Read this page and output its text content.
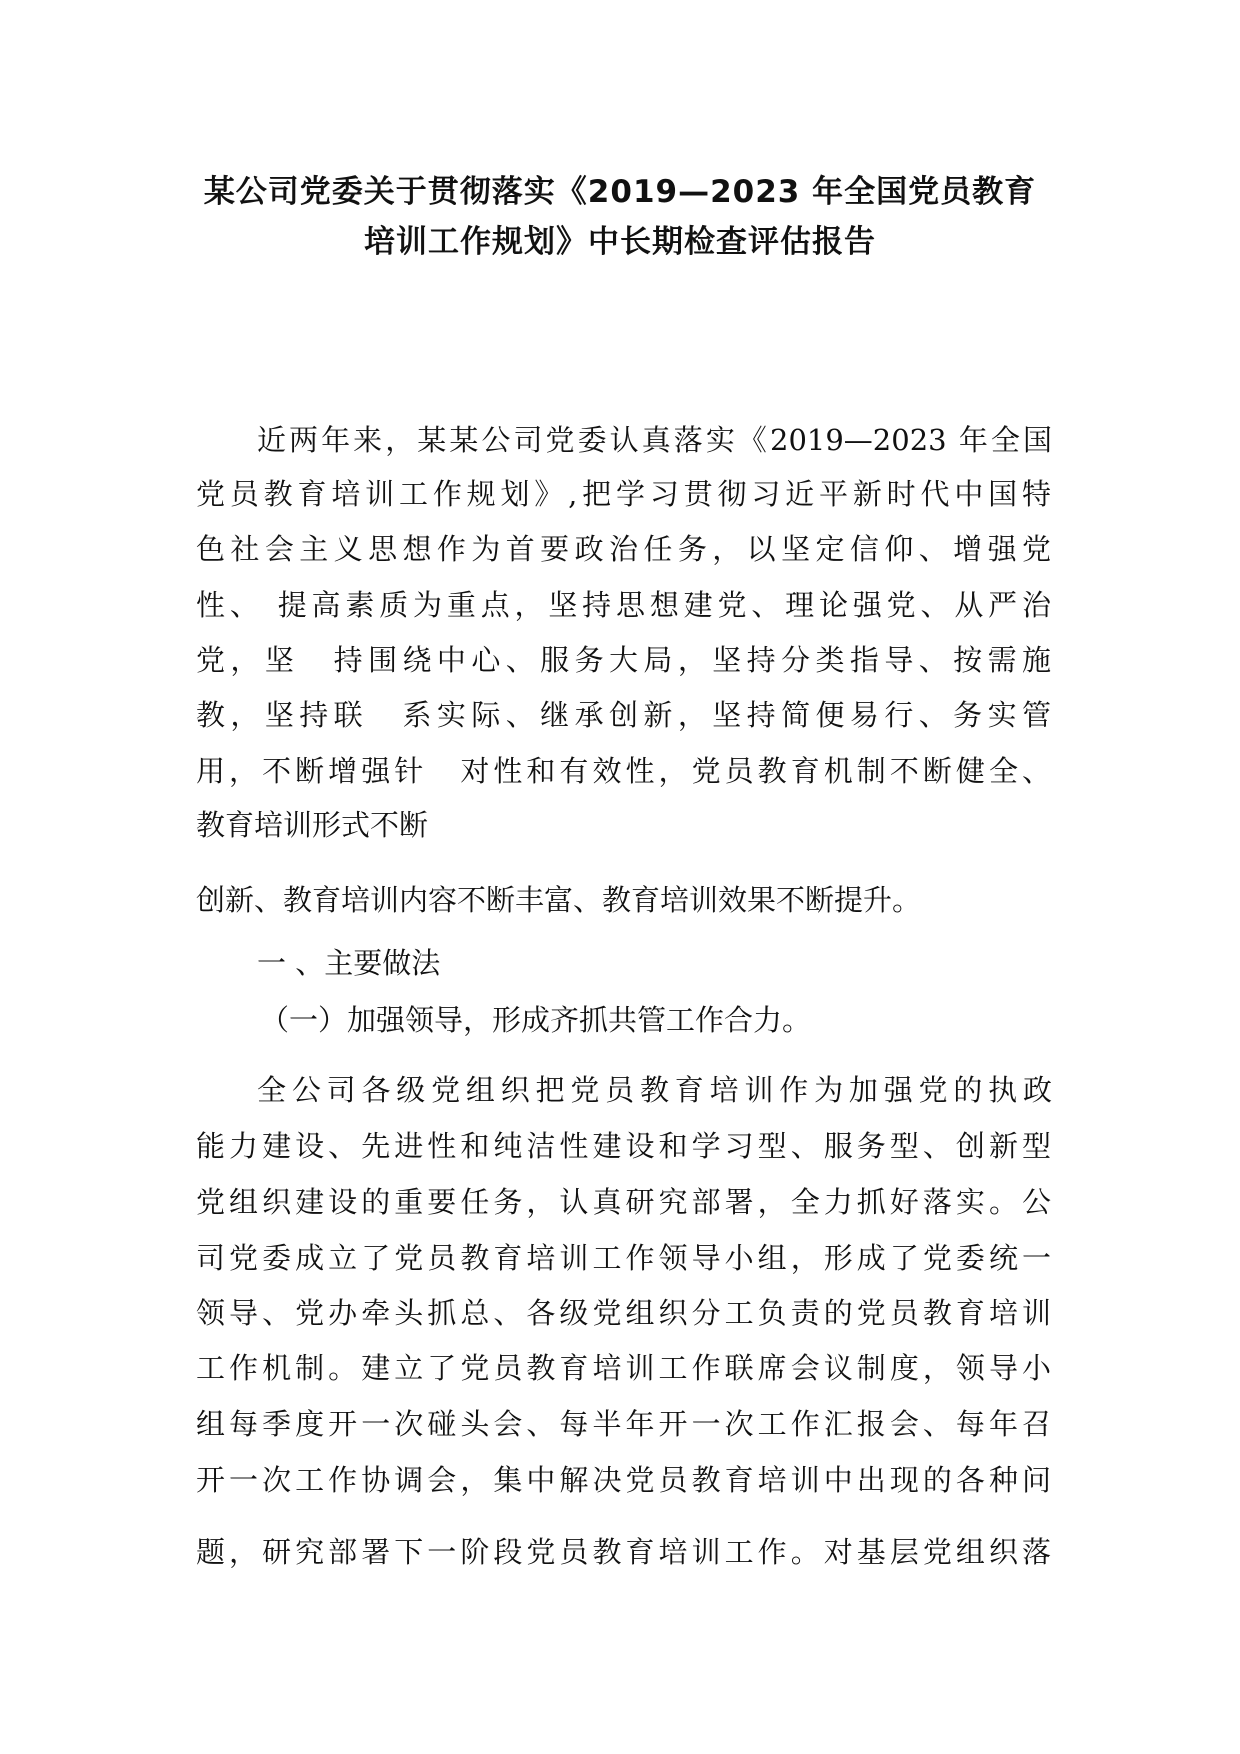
某公司党委关于贯彻落实《2019—2023 年全国党员教育
培训工作规划》中长期检查评估报告
近两年来，某某公司党委认真落实《2019—2023 年全国
党员教育培训工作规划》,把学习贯彻习近平新时代中国特
色社会主义思想作为首要政治任务，以坚定信仰、增强党
性、 提高素质为重点，坚持思想建党、理论强党、从严治
党，坚　持围绕中心、服务大局，坚持分类指导、按需施
教，坚持联　系实际、继承创新，坚持简便易行、务实管
用，不断增强针　对性和有效性，党员教育机制不断健全、
教育培训形式不断
创新、教育培训内容不断丰富、教育培训效果不断提升。
一 、主要做法
（一）加强领导，形成齐抓共管工作合力。
全公司各级党组织把党员教育培训作为加强党的执政
能力建设、先进性和纯洁性建设和学习型、服务型、创新型
党组织建设的重要任务，认真研究部署，全力抓好落实。公
司党委成立了党员教育培训工作领导小组，形成了党委统一
领导、党办牵头抓总、各级党组织分工负责的党员教育培训
工作机制。建立了党员教育培训工作联席会议制度，领导小
组每季度开一次碰头会、每半年开一次工作汇报会、每年召
开一次工作协调会，集中解决党员教育培训中出现的各种问
题，研究部署下一阶段党员教育培训工作。对基层党组织落
